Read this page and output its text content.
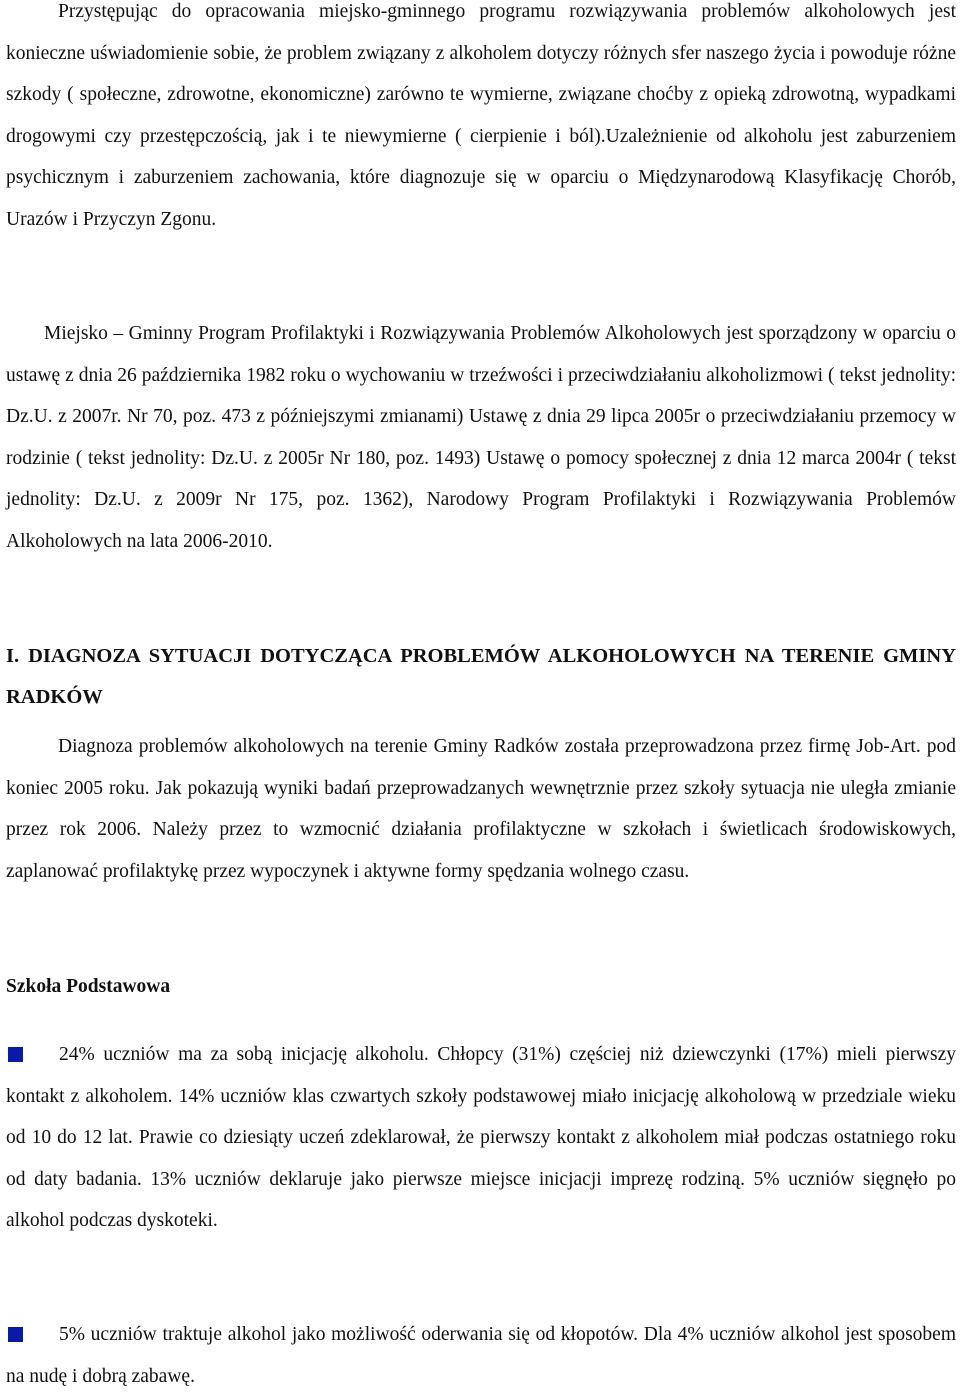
Przystępując do opracowania miejsko-gminnego programu rozwiązywania problemów alkoholowych jest konieczne uświadomienie sobie, że problem związany z alkoholem dotyczy różnych sfer naszego życia i powoduje różne szkody ( społeczne, zdrowotne, ekonomiczne) zarówno te wymierne, związane choćby z opieką zdrowotną, wypadkami drogowymi czy przestępczością, jak i te niewymierne ( cierpienie i ból).Uzależnienie od alkoholu jest zaburzeniem psychicznym i zaburzeniem zachowania, które diagnozuje się w oparciu o Międzynarodową Klasyfikację Chorób, Urazów i Przyczyn Zgonu.

Miejsko – Gminny Program Profilaktyki i Rozwiązywania Problemów Alkoholowych jest sporządzony w oparciu o ustawę z dnia 26 października 1982 roku o wychowaniu w trzeźwości i przeciwdziałaniu alkoholizmowi ( tekst jednolity: Dz.U. z 2007r. Nr 70, poz. 473 z późniejszymi zmianami) Ustawę z dnia 29 lipca 2005r o przeciwdziałaniu przemocy w rodzinie ( tekst jednolity: Dz.U. z 2005r Nr 180, poz. 1493) Ustawę o pomocy społecznej z dnia 12 marca 2004r ( tekst jednolity: Dz.U. z 2009r Nr 175, poz. 1362), Narodowy Program Profilaktyki i Rozwiązywania Problemów Alkoholowych na lata 2006-2010.

I. DIAGNOZA SYTUACJI DOTYCZĄCA PROBLEMÓW ALKOHOLOWYCH NA TERENIE GMINY RADKÓW

Diagnoza problemów alkoholowych na terenie Gminy Radków została przeprowadzona przez firmę Job-Art. pod koniec 2005 roku. Jak pokazują wyniki badań przeprowadzanych wewnętrznie przez szkoły sytuacja nie uległa zmianie przez rok 2006. Należy przez to wzmocnić działania profilaktyczne w szkołach i świetlicach środowiskowych, zaplanować profilaktykę przez wypoczynek i aktywne formy spędzania wolnego czasu.

Szkoła Podstawowa

24% uczniów ma za sobą inicjację alkoholu. Chłopcy (31%) częściej niż dziewczynki (17%) mieli pierwszy kontakt z alkoholem. 14% uczniów klas czwartych szkoły podstawowej miało inicjację alkoholową w przedziale wieku od 10 do 12 lat. Prawie co dziesiąty uczeń zdeklarował, że pierwszy kontakt z alkoholem miał podczas ostatniego roku od daty badania. 13% uczniów deklaruje jako pierwsze miejsce inicjacji imprezę rodziną. 5% uczniów sięgnęło po alkohol podczas dyskoteki.

5% uczniów traktuje alkohol jako możliwość oderwania się od kłopotów. Dla 4% uczniów alkohol jest sposobem na nudę i dobrą zabawę.
